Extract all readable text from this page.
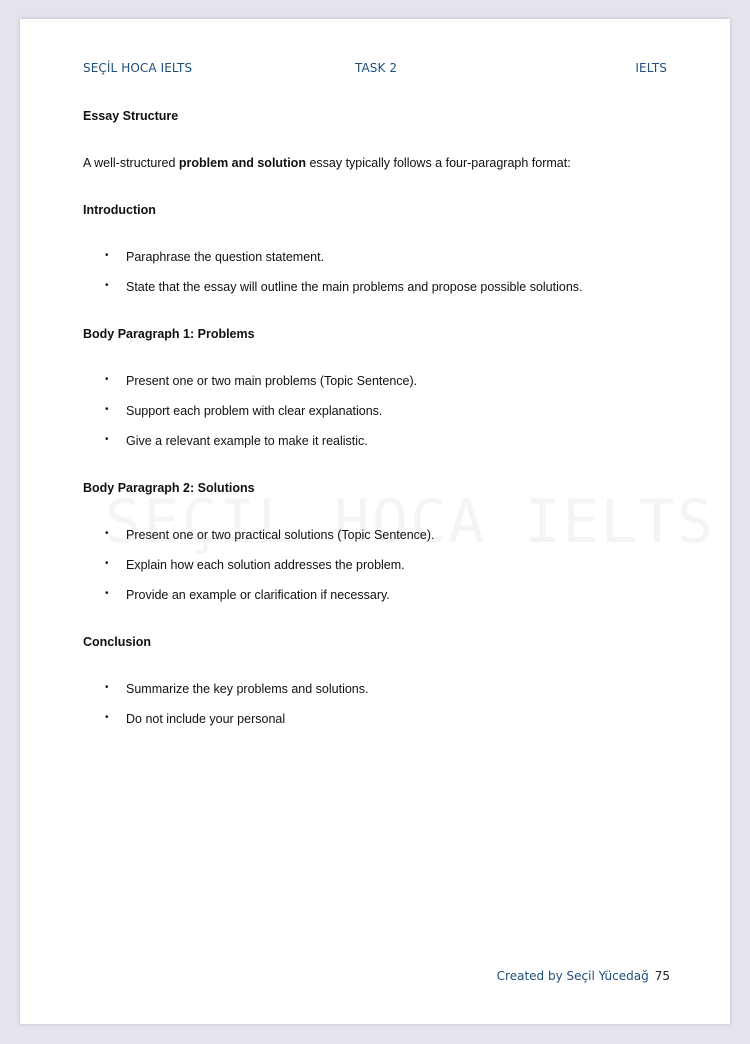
SEÇİL HOCA IELTS	TASK 2	IELTS
Essay Structure
A well-structured problem and solution essay typically follows a four-paragraph format:
Introduction
• Paraphrase the question statement.
• State that the essay will outline the main problems and propose possible solutions.
Body Paragraph 1: Problems
• Present one or two main problems (Topic Sentence).
• Support each problem with clear explanations.
• Give a relevant example to make it realistic.
Body Paragraph 2: Solutions
• Present one or two practical solutions (Topic Sentence).
• Explain how each solution addresses the problem.
• Provide an example or clarification if necessary.
Conclusion
• Summarize the key problems and solutions.
• Do not include your personal
Created by Seçil Yücedağ 75
